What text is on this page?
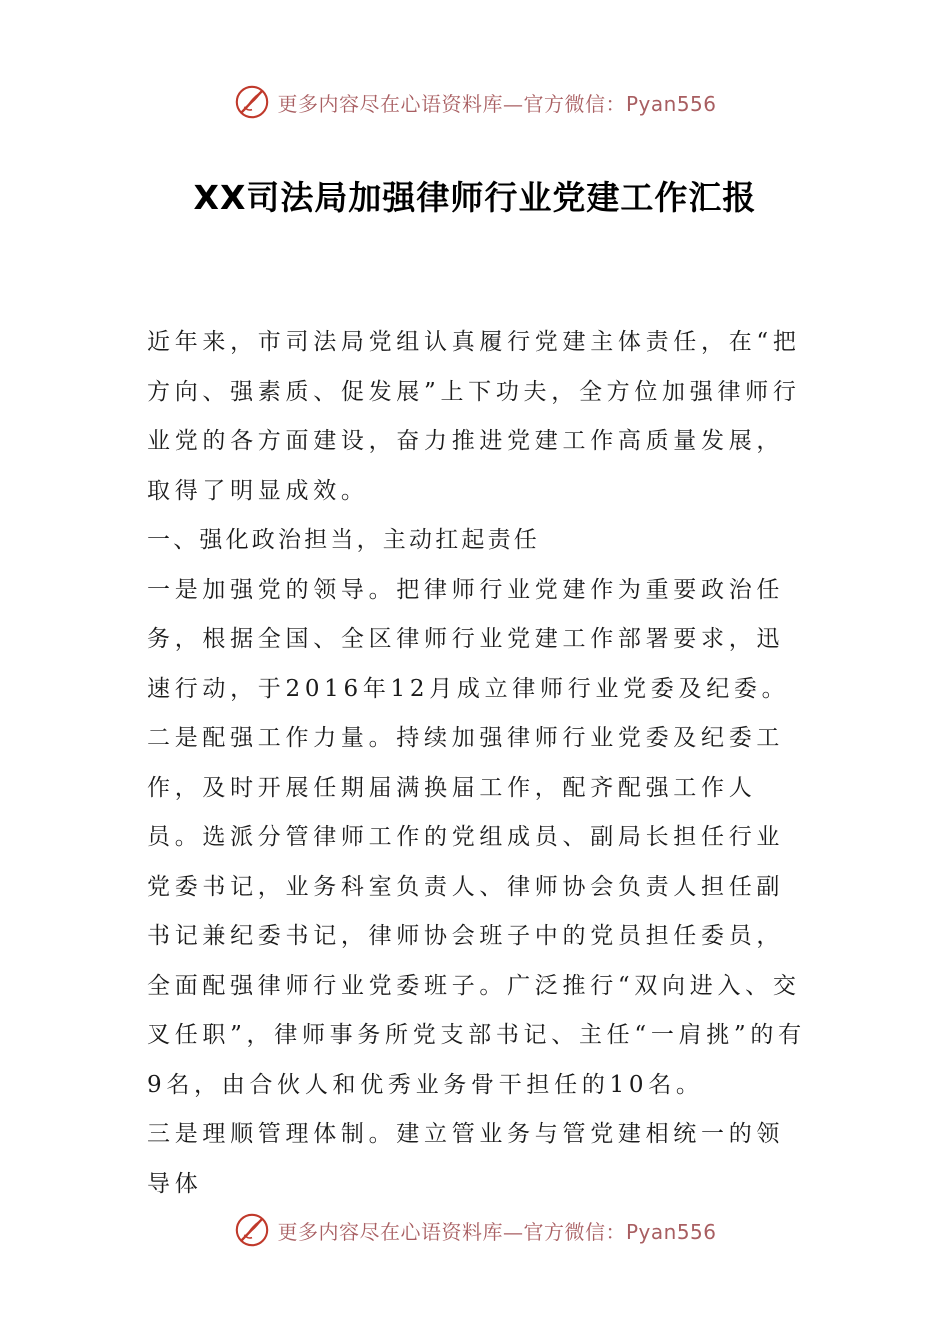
更多内容尽在心语资料库—官方微信：Pyan556
XX司法局加强律师行业党建工作汇报

近年来，市司法局党组认真履行党建主体责任，在“把方向、强素质、促发展”上下功夫，全方位加强律师行业党的各方面建设，奋力推进党建工作高质量发展，取得了明显成效。

一、强化政治担当，主动扛起责任

一是加强党的领导。把律师行业党建作为重要政治任务，根据全国、全区律师行业党建工作部署要求，迅速行动，于2016年12月成立律师行业党委及纪委。

二是配强工作力量。持续加强律师行业党委及纪委工作，及时开展任期届满换届工作，配齐配强工作人员。选派分管律师工作的党组成员、副局长担任行业党委书记，业务科室负责人、律师协会负责人担任副书记兼纪委书记，律师协会班子中的党员担任委员，全面配强律师行业党委班子。广泛推行“双向进入、交叉任职”，律师事务所党支部书记、主任“一肩挑”的有9名，由合伙人和优秀业务骨干担任的10名。

三是理顺管理体制。建立管业务与管党建相统一的领导体

更多内容尽在心语资料库—官方微信：Pyan556
